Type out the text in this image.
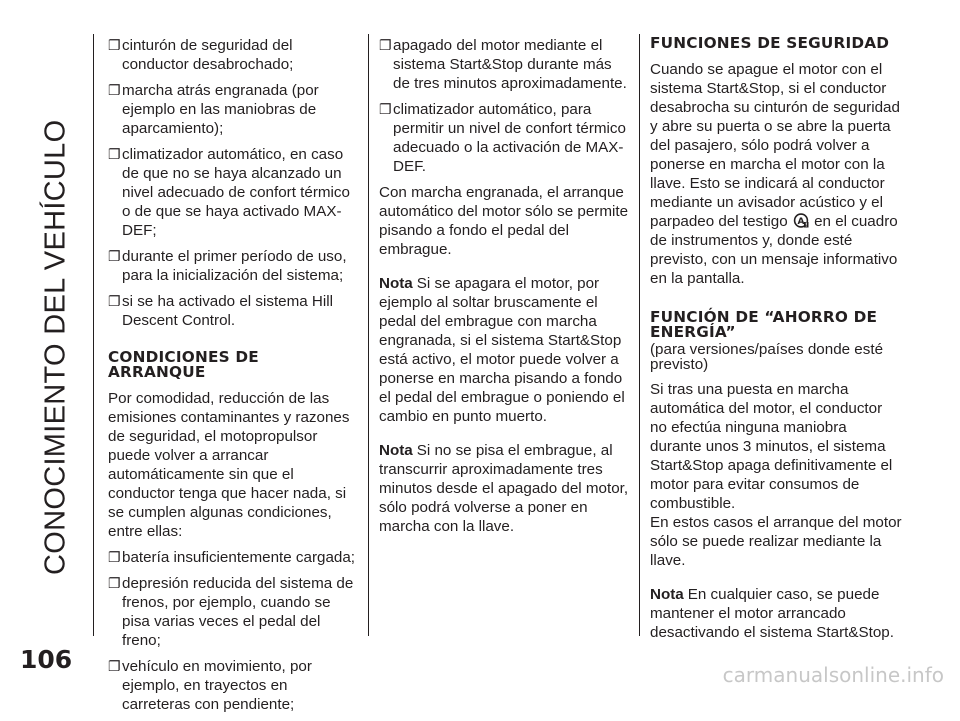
CONOCIMIENTO DEL VEHÍCULO
❐ cinturón de seguridad del conductor desabrochado;
❐ marcha atrás engranada (por ejemplo en las maniobras de aparcamiento);
❐ climatizador automático, en caso de que no se haya alcanzado un nivel adecuado de confort térmico o de que se haya activado MAX-DEF;
❐ durante el primer período de uso, para la inicialización del sistema;
❐ si se ha activado el sistema Hill Descent Control.
CONDICIONES DE ARRANQUE
Por comodidad, reducción de las emisiones contaminantes y razones de seguridad, el motopropulsor puede volver a arrancar automáticamente sin que el conductor tenga que hacer nada, si se cumplen algunas condiciones, entre ellas:
❐ batería insuficientemente cargada;
❐ depresión reducida del sistema de frenos, por ejemplo, cuando se pisa varias veces el pedal del freno;
❐ vehículo en movimiento, por ejemplo, en trayectos en carreteras con pendiente;
❐ apagado del motor mediante el sistema Start&Stop durante más de tres minutos aproximadamente.
❐ climatizador automático, para permitir un nivel de confort térmico adecuado o la activación de MAX-DEF.
Con marcha engranada, el arranque automático del motor sólo se permite pisando a fondo el pedal del embrague.
Nota Si se apagara el motor, por ejemplo al soltar bruscamente el pedal del embrague con marcha engranada, si el sistema Start&Stop está activo, el motor puede volver a ponerse en marcha pisando a fondo el pedal del embrague o poniendo el cambio en punto muerto.
Nota Si no se pisa el embrague, al transcurrir aproximadamente tres minutos desde el apagado del motor, sólo podrá volverse a poner en marcha con la llave.
FUNCIONES DE SEGURIDAD
Cuando se apague el motor con el sistema Start&Stop, si el conductor desabrocha su cinturón de seguridad y abre su puerta o se abre la puerta del pasajero, sólo podrá volver a ponerse en marcha el motor con la llave. Esto se indicará al conductor mediante un avisador acústico y el parpadeo del testigo A ! en el cuadro de instrumentos y, donde esté previsto, con un mensaje informativo en la pantalla.
FUNCIÓN DE “AHORRO DE ENERGÍA”
(para versiones/países donde esté previsto)
Si tras una puesta en marcha automática del motor, el conductor no efectúa ninguna maniobra durante unos 3 minutos, el sistema Start&Stop apaga definitivamente el motor para evitar consumos de combustible.
En estos casos el arranque del motor sólo se puede realizar mediante la llave.
Nota En cualquier caso, se puede mantener el motor arrancado desactivando el sistema Start&Stop.
106
carmanualsonline.info
